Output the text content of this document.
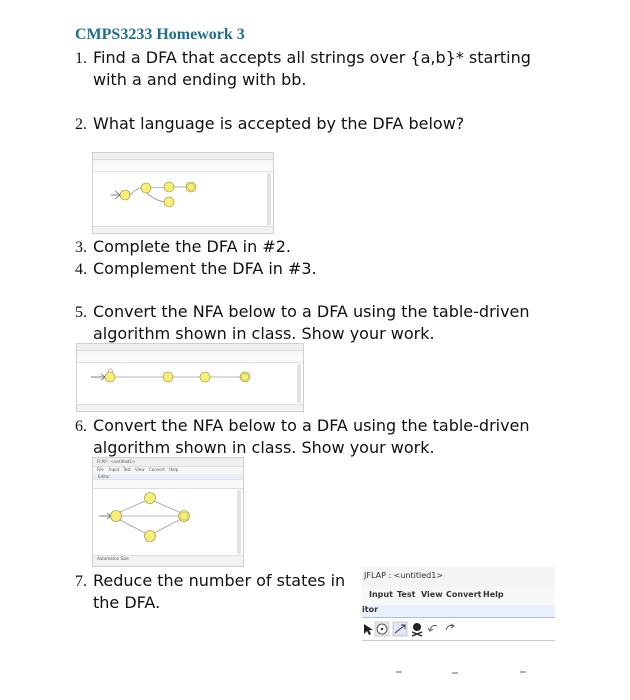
CMPS3233 Homework 3
1. Find a DFA that accepts all strings over {a,b}* starting
with a and ending with bb.
2. What language is accepted by the DFA below?
3. Complete the DFA in #2.
4. Complement the DFA in #3.
5. Convert the NFA below to a DFA using the table-driven
algorithm shown in class. Show your work.
6. Convert the NFA below to a DFA using the table-driven
algorithm shown in class. Show your work.
FLAP : <untitled1>
File Input Test View Convert Help
Editor
Automaton Size
7. Reduce the number of states in
the DFA.
JFLAP : <untitled1>
Input Test View Convert Help
itor
